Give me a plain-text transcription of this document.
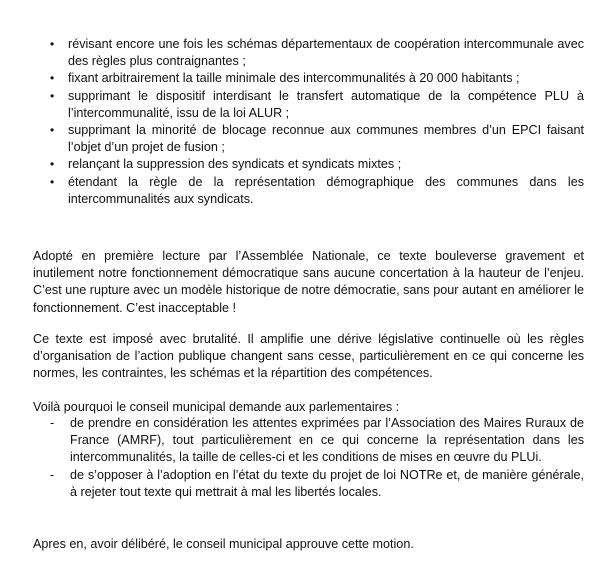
• révisant encore une fois les schémas départementaux de coopération intercommunale avec des règles plus contraignantes ;
• fixant arbitrairement la taille minimale des intercommunalités à 20 000 habitants ;
• supprimant le dispositif interdisant le transfert automatique de la compétence PLU à l’intercommunalité, issu de la loi ALUR ;
• supprimant la minorité de blocage reconnue aux communes membres d’un EPCI faisant l’objet d’un projet de fusion ;
• relançant la suppression des syndicats et syndicats mixtes ;
• étendant la règle de la représentation démographique des communes dans les intercommunalités aux syndicats.

Adopté en première lecture par l’Assemblée Nationale, ce texte bouleverse gravement et inutilement notre fonctionnement démocratique sans aucune concertation à la hauteur de l’enjeu. C’est une rupture avec un modèle historique de notre démocratie, sans pour autant en améliorer le fonctionnement. C’est inacceptable !

Ce texte est imposé avec brutalité. Il amplifie une dérive législative continuelle où les règles d’organisation de l’action publique changent sans cesse, particulièrement en ce qui concerne les normes, les contraintes, les schémas et la répartition des compétences.

Voilà pourquoi le conseil municipal demande aux parlementaires :

- de prendre en considération les attentes exprimées par l’Association des Maires Ruraux de France (AMRF), tout particulièrement en ce qui concerne la représentation dans les intercommunalités, la taille de celles-ci et les conditions de mises en œuvre du PLUi.
- de s’opposer à l’adoption en l’état du texte du projet de loi NOTRe et, de manière générale, à rejeter tout texte qui mettrait à mal les libertés locales.

Apres en, avoir délibéré, le conseil municipal approuve cette motion.
